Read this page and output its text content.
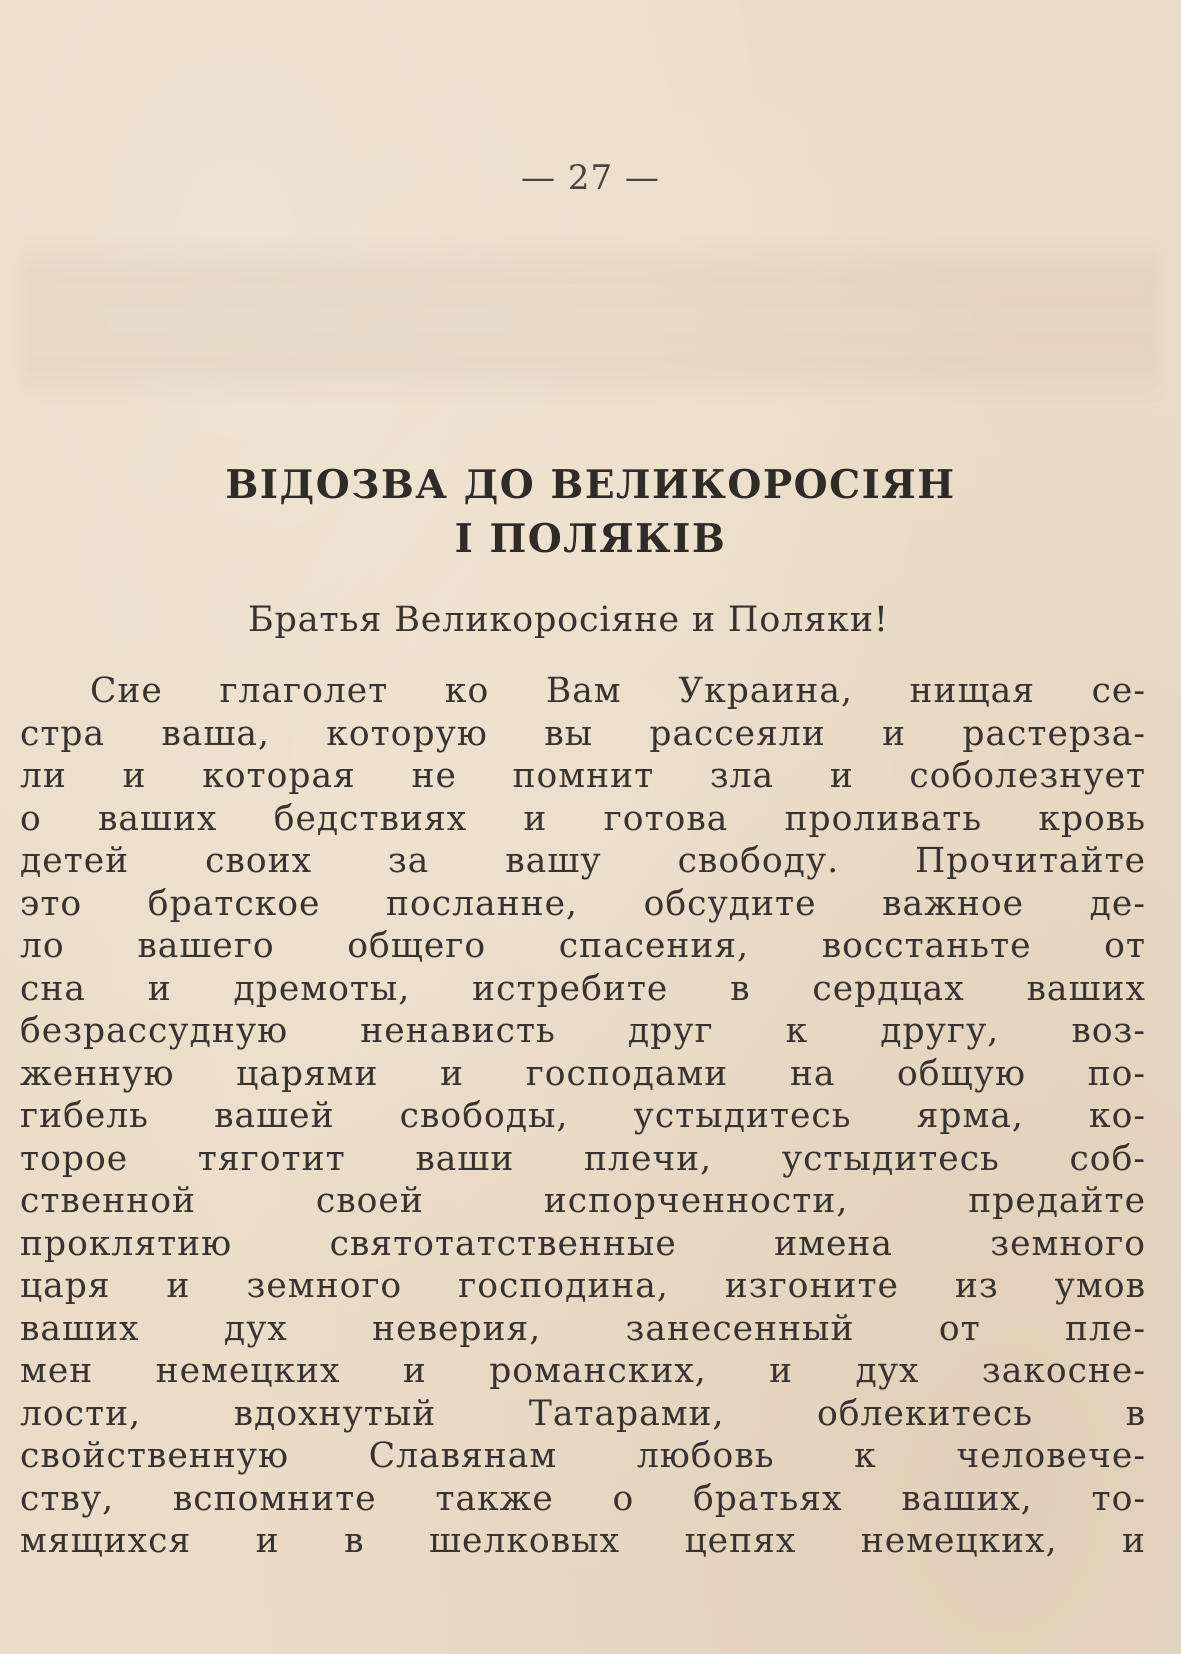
— 27 —
ВІДОЗВА ДО ВЕЛИКОРОСІЯН
І ПОЛЯКІВ
Братья Великоросіяне и Поляки!
Сие глаголет ко Вам Украина, нищая се-
стра ваша, которую вы рассеяли и растерза-
ли и которая не помнит зла и соболезнует
о ваших бедствиях и готова проливать кровь
детей своих за вашу свободу. Прочитайте
это братское посланне, обсудите важное де-
ло вашего общего спасения, восстаньте от
сна и дремоты, истребите в сердцах ваших
безрассудную ненависть друг к другу, воз-
женную царями и господами на общую по-
гибель вашей свободы, устыдитесь ярма, ко-
торое тяготит ваши плечи, устыдитесь соб-
ственной своей испорченности, предайте
проклятию святотатственные имена земного
царя и земного господина, изгоните из умов
ваших дух неверия, занесенный от пле-
мен немецких и романских, и дух закосне-
лости, вдохнутый Татарами, облекитесь в
свойственную Славянам любовь к человече-
ству, вспомните также о братьях ваших, то-
мящихся и в шелковых цепях немецких, и
